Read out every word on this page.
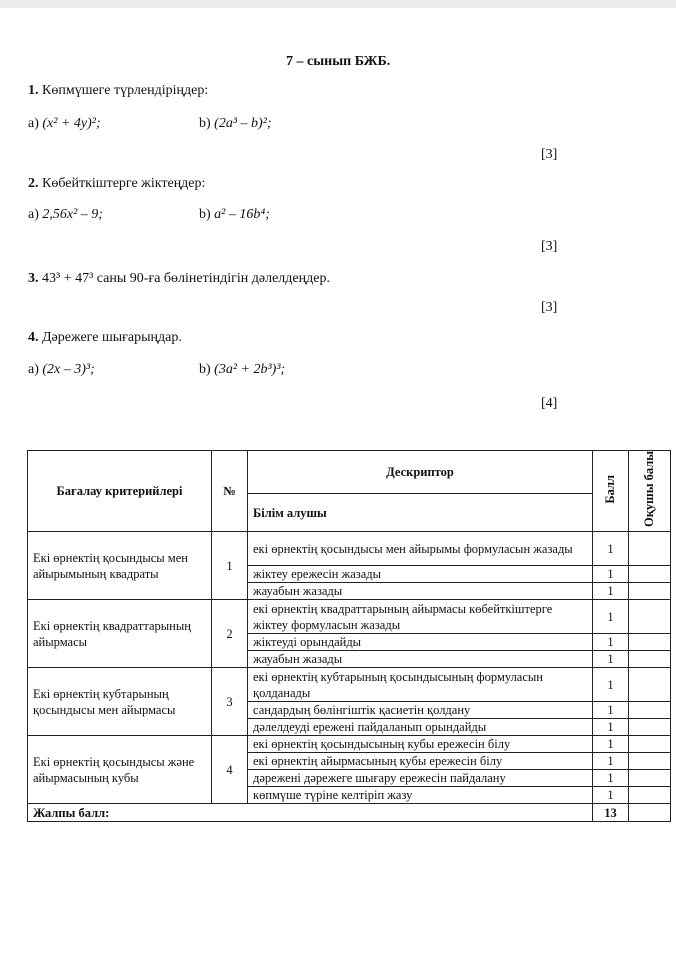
7 – сынып БЖБ.
1. Көпмүшеге түрлендіріңдер:
a) (x² + 4y)²;	b) (2a³ – b)²;
[3]
2. Көбейткіштерге жіктеңдер:
a) 2,56x² – 9;	b) a² – 16b⁴;
[3]
3. 43³ + 47³ саны 90-ға бөлінетіндігін дәлелдеңдер.
[3]
4. Дәрежеге шығарыңдар.
a) (2x – 3)³;	b) (3a² + 2b³)³;
[4]
Бағалау критерийлері	№	Дескриптор	Балл	Оқушы балы
		Білім алушы		
Екі өрнектің қосындысы мен айырымының квадраты	1	екі өрнектің қосындысы мен айырымы формуласын жазады	1	
		жіктеу ережесін жазады	1	
		жауабын жазады	1	
Екі өрнектің квадраттарының айырмасы	2	екі өрнектің квадраттарының айырмасы көбейткіштерге жіктеу формуласын жазады	1	
		жіктеуді орындайды	1	
		жауабын жазады	1	
Екі өрнектің кубтарының қосындысы мен айырмасы	3	екі өрнектің кубтарының қосындысының формуласын қолданады	1	
		сандардың бөлінгіштік қасиетін қолдану	1	
		дәлелдеуді ережені пайдаланып орындайды	1	
Екі өрнектің қосындысы және айырмасының кубы	4	екі өрнектің қосындысының кубы ережесін білу	1	
		екі өрнектің айырмасының кубы ережесін білу	1	
		дәрежені дәрежеге шығару ережесін пайдалану	1	
		көпмүше түріне келтіріп жазу	1	
Жалпы балл:			13	
